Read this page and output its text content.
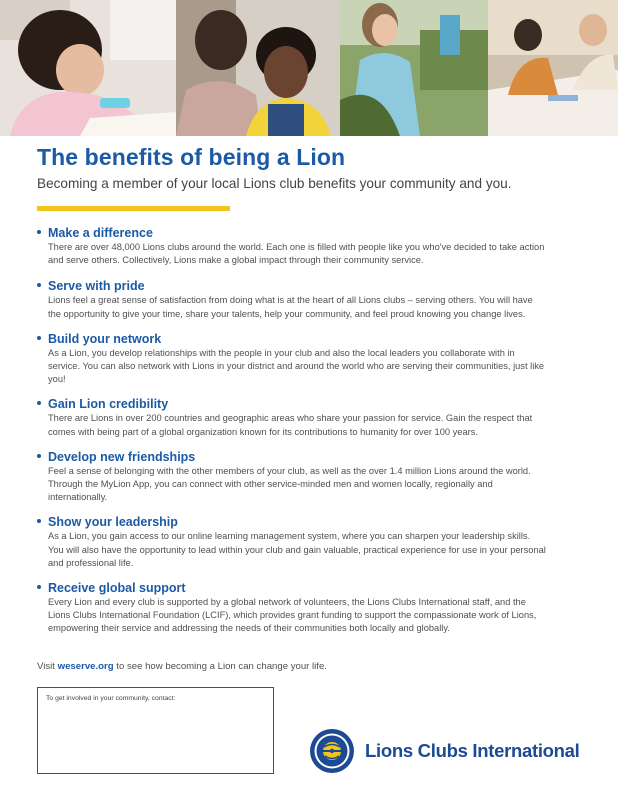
The benefits of being a Lion
Becoming a member of your local Lions club benefits your community and you.
Make a difference
There are over 48,000 Lions clubs around the world. Each one is filled with people like you who've decided to take action and serve others. Collectively, Lions make a global impact through their community service.
Serve with pride
Lions feel a great sense of satisfaction from doing what is at the heart of all Lions clubs – serving others. You will have the opportunity to give your time, share your talents, help your community, and feel proud knowing you change lives.
Build your network
As a Lion, you develop relationships with the people in your club and also the local leaders you collaborate with in service. You can also network with Lions in your district and around the world who are serving their communities, just like you!
Gain Lion credibility
There are Lions in over 200 countries and geographic areas who share your passion for service. Gain the respect that comes with being part of a global organization known for its contributions to humanity for over 100 years.
Develop new friendships
Feel a sense of belonging with the other members of your club, as well as the over 1.4 million Lions around the world. Through the MyLion App, you can connect with other service-minded men and women locally, regionally and internationally.
Show your leadership
As a Lion, you gain access to our online learning management system, where you can sharpen your leadership skills. You will also have the opportunity to lead within your club and gain valuable, practical experience for use in your personal and professional life.
Receive global support
Every Lion and every club is supported by a global network of volunteers, the Lions Clubs International staff, and the Lions Clubs International Foundation (LCIF), which provides grant funding to support the compassionate work of Lions, empowering their service and addressing the needs of their communities both locally and globally.
Visit weserve.org to see how becoming a Lion can change your life.
To get involved in your community, contact:
Lions Clubs International
